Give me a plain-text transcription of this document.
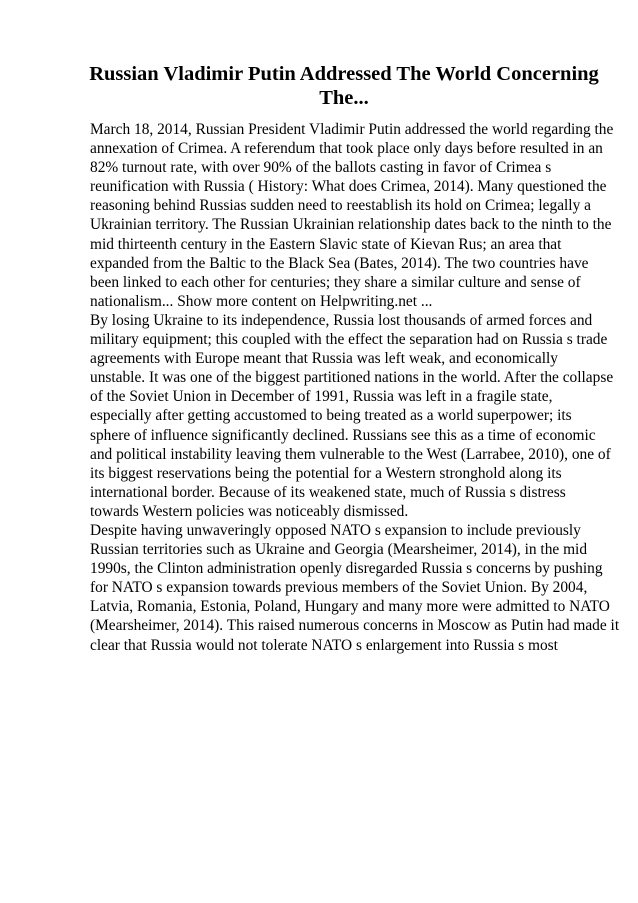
Russian Vladimir Putin Addressed The World Concerning
The...
March 18, 2014, Russian President Vladimir Putin addressed the world regarding the
annexation of Crimea. A referendum that took place only days before resulted in an
82% turnout rate, with over 90% of the ballots casting in favor of Crimea s
reunification with Russia ( History: What does Crimea, 2014). Many questioned the
reasoning behind Russias sudden need to reestablish its hold on Crimea; legally a
Ukrainian territory. The Russian Ukrainian relationship dates back to the ninth to the
mid thirteenth century in the Eastern Slavic state of Kievan Rus; an area that
expanded from the Baltic to the Black Sea (Bates, 2014). The two countries have
been linked to each other for centuries; they share a similar culture and sense of
nationalism... Show more content on Helpwriting.net ...
By losing Ukraine to its independence, Russia lost thousands of armed forces and
military equipment; this coupled with the effect the separation had on Russia s trade
agreements with Europe meant that Russia was left weak, and economically
unstable. It was one of the biggest partitioned nations in the world. After the collapse
of the Soviet Union in December of 1991, Russia was left in a fragile state,
especially after getting accustomed to being treated as a world superpower; its
sphere of influence significantly declined. Russians see this as a time of economic
and political instability leaving them vulnerable to the West (Larrabee, 2010), one of
its biggest reservations being the potential for a Western stronghold along its
international border. Because of its weakened state, much of Russia s distress
towards Western policies was noticeably dismissed.
Despite having unwaveringly opposed NATO s expansion to include previously
Russian territories such as Ukraine and Georgia (Mearsheimer, 2014), in the mid
1990s, the Clinton administration openly disregarded Russia s concerns by pushing
for NATO s expansion towards previous members of the Soviet Union. By 2004,
Latvia, Romania, Estonia, Poland, Hungary and many more were admitted to NATO
(Mearsheimer, 2014). This raised numerous concerns in Moscow as Putin had made it
clear that Russia would not tolerate NATO s enlargement into Russia s most
